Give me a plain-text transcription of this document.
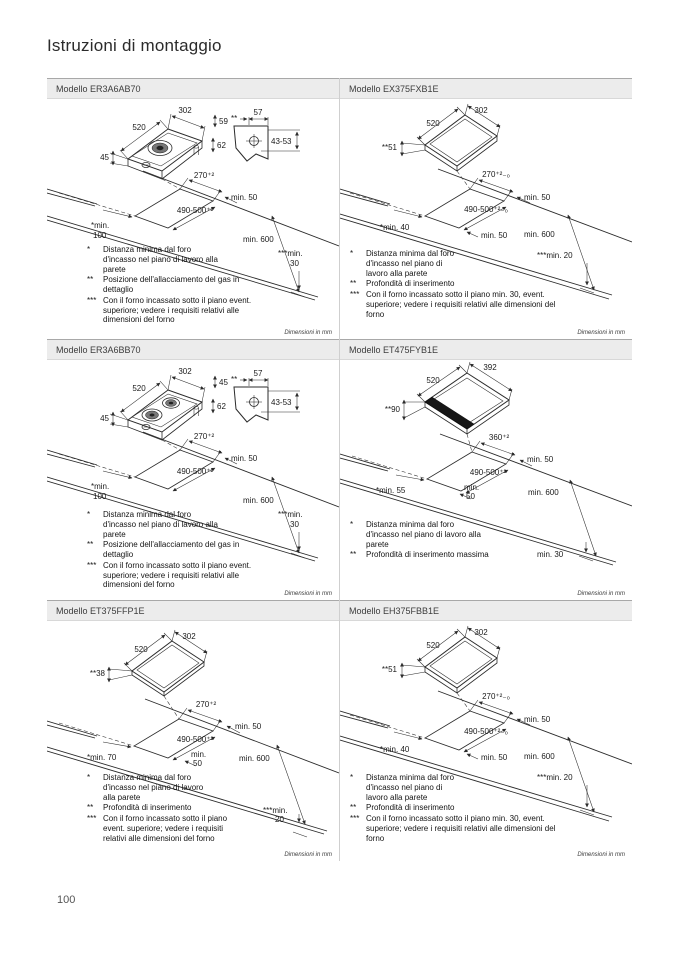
Istruzioni di montaggio
Modello ER3A6AB70
302
59
520
62
45
**
57
43-53
270⁺²
min. 50
490-500⁺²
*min.
100	min. 600
***min.
30
*	Distanza minima dal foro d'incasso nel piano di lavoro alla parete
**	Posizione dell'allacciamento del gas in dettaglio
*** Con il forno incassato sotto il piano event. superiore; vedere i requisiti relativi alle dimensioni del forno
Dimensioni in mm
Modello EX375FXB1E
520
302
**51
270⁺²₋₀
min. 50
490-500⁺²₋₀
*min. 40
min. 50 min. 600
***min. 20
*	Distanza minima dal foro d'incasso nel piano di lavoro alla parete
**	Profondità di inserimento
*** Con il forno incassato sotto il piano min. 30, event. superiore; vedere i requisiti relativi alle dimensioni del forno
Dimensioni in mm
Modello ER3A6BB70
302
45
520
62
45
**
57
43-53
270⁺²
min. 50
490-500⁺²
*min.
100	min. 600
***min.
30
*	Distanza minima dal foro d'incasso nel piano di lavoro alla parete
**	Posizione dell'allacciamento del gas in dettaglio
*** Con il forno incassato sotto il piano event. superiore; vedere i requisiti relativi alle dimensioni del forno
Dimensioni in mm
Modello ET475FYB1E
392
520
**90
360⁺²
min. 50
490-500⁺²
*min. 55	min.
50	min. 600
min. 30
*	Distanza minima dal foro d'incasso nel piano di lavoro alla parete
**	Profondità di inserimento massima
Dimensioni in mm
Modello ET375FFP1E
520
302
**38
270⁺²
min. 50
490-500⁺²
*min. 70	min.
50
min. 600
***min.
20
*	Distanza minima dal foro d'incasso nel piano di lavoro alla parete
**	Profondità di inserimento
*** Con il forno incassato sotto il piano event. superiore; vedere i requisiti relativi alle dimensioni del forno
Dimensioni in mm
Modello EH375FBB1E
520
302
**51
270⁺²₋₀
min. 50
490-500⁺²₋₀
*min. 40
min. 50 min. 600
***min. 20
*	Distanza minima dal foro d'incasso nel piano di lavoro alla parete
**	Profondità di inserimento
*** Con il forno incassato sotto il piano min. 30, event. superiore; vedere i requisiti relativi alle dimensioni del forno
Dimensioni in mm
100
